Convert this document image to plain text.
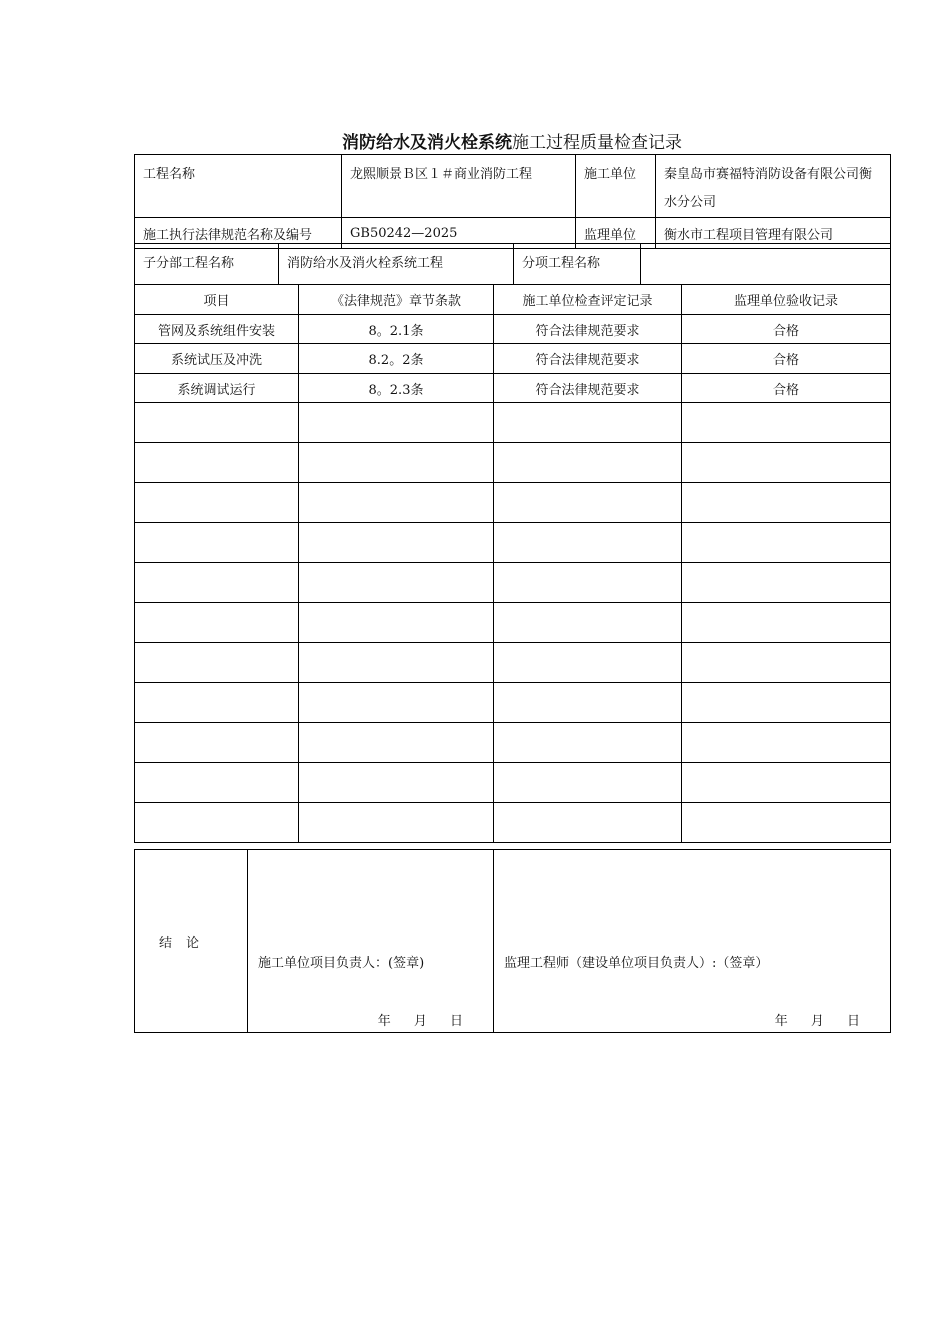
消防给水及消火栓系统施工过程质量检查记录
工程名称	龙熙顺景Ｂ区１＃商业消防工程	施工单位	秦皇岛市赛福特消防设备有限公司衡水分公司
施工执行法律规范名称及编号	GB50242—2025	监理单位	衡水市工程项目管理有限公司
子分部工程名称	消防给水及消火栓系统工程	分项工程名称	
项目	《法律规范》章节条款	施工单位检查评定记录	监理单位验收记录
管网及系统组件安装	8。2.1条	符合法律规范要求	合格
系统试压及冲洗	8.2。2条	符合法律规范要求	合格
系统调试运行	8。2.3条	符合法律规范要求	合格

结论	
施工单位项目负责人：(签章)
年　 月　 日

监理工程师（建设单位项目负责人）:（签章）
年　 月　 日
